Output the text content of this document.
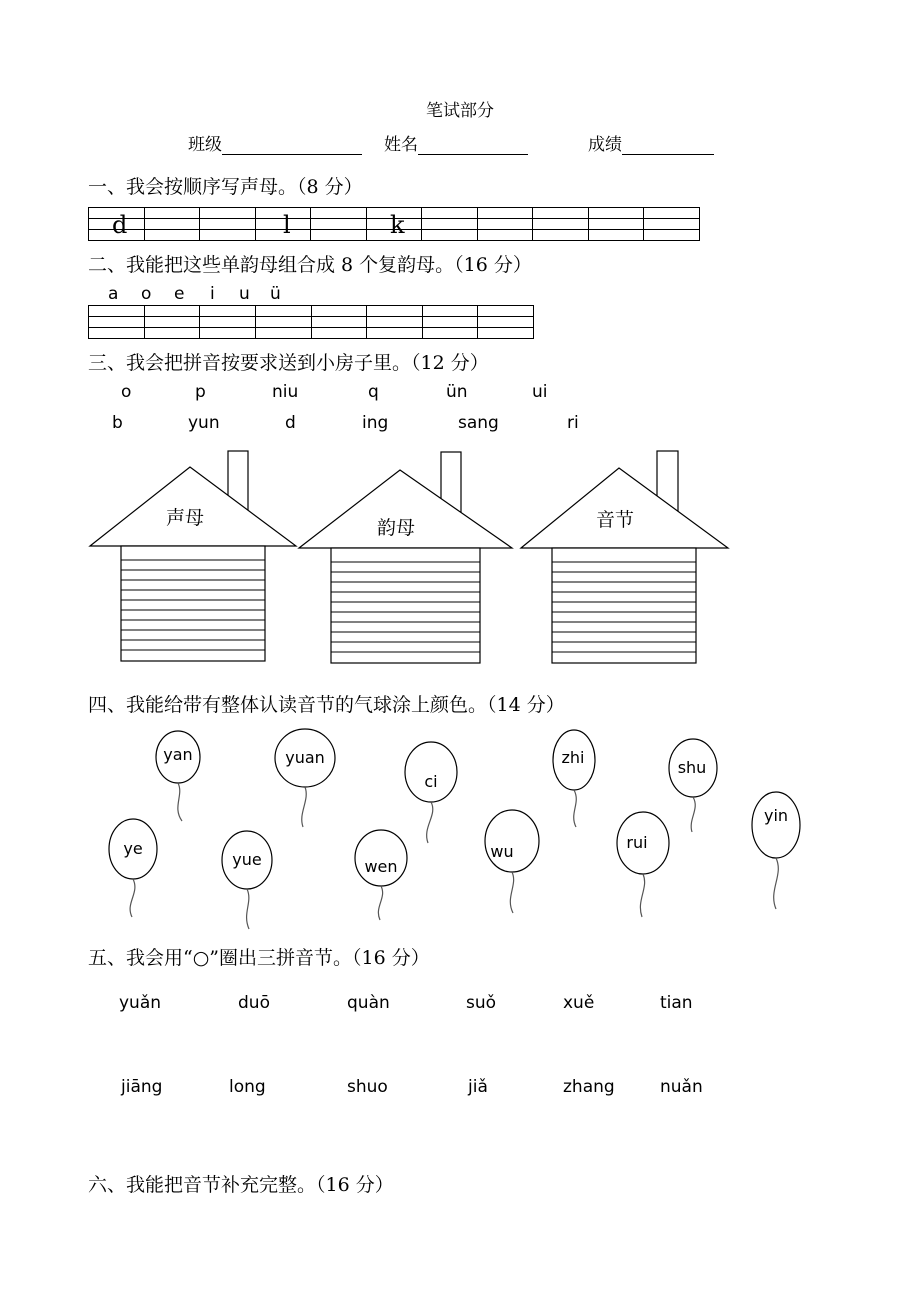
笔试部分
班级	姓名	成绩
一、我会按顺序写声母。（8 分）

d	l	k
二、我能把这些单韵母组合成 8 个复韵母。（16 分）
a o e i u ü

三、我会把拼音按要求送到小房子里。（12 分）
o	p	niu	q	ün	ui
b	yun	d	ing	sang	ri
声母	韵母	音节
四、我能给带有整体认读音节的气球涂上颜色。（14 分）
yan	yuan
ci
zhi
shu
yin
ye
yue	wen
wu	rui
五、我会用“○”圈出三拼音节。（16 分）
yuǎn	duō	quàn	suǒ	xuě	tian
jiāng	long	shuo	jiǎ	zhang	nuǎn
六、我能把音节补充完整。（16 分）
